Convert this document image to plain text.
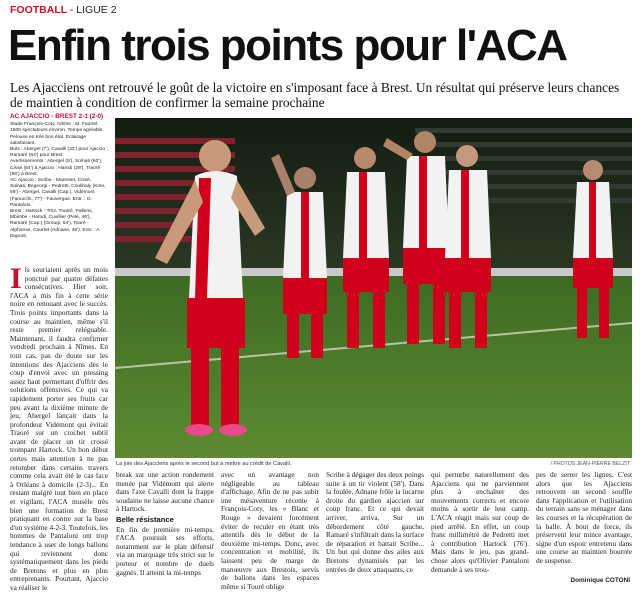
FOOTBALL - LIGUE 2
Enfin trois points pour l'ACA

Les Ajacciens ont retrouvé le goût de la victoire en s'imposant face à Brest. Un résultat qui préserve leurs chances de maintien à condition de confirmer la semaine prochaine

AC AJACCIO - BREST 2-1 (2-0)
Stade François-Coty. Arbitre : M. Fautrel. 1500 spectateurs environ. Temps agréable. Pelouse en très bon état. Éclairage satisfaisant.
Buts : Abergel (7'), Cavalli (32') pour Ajaccio ; Ramaré (64') pour Brest.
Avertissements : Abergel (5'), Solnati (60'), Cissé (64') à Ajaccio ; Hamdi (29'), Traoré (86') à Brest.
AC Ajaccio : Scribe - Marester, Cissé, Sainati, Begeorgi - Pedretti, Coulibaly (Kine, 59') - Abergel, Cavalli (Cap.), Vidémont (Fanucchi, 77') - Fauvergue. Entr. : O. Pantaloni.
Brest : Hartock - Tritz, Traoré, Pallemi, Mbimbe - Hamdi, Cuvillier (Pelé, 46'), Ramaré (Cap.) (Grougi, 64'), Touré - Alphonse, Courtet (Adnane, 46'). Entr. : A Dupont.
La joie des Ajacciens après le second but à mettre au crédit de Cavalli.	/ PHOTOS JEAN-PIERRE BELZIT
Ils souriaient après un mois ponctué par quatre défaites consécutives. Hier soir, l'ACA a mis fin à cette série noire en renouant avec le succès. Trois points importants dans la course au maintien, même s'il reste premier reléguable. Maintenant, il faudra confirmer vendredi prochain à Nîmes. En tout cas, pas de doute sur les intentions des Ajacciens dès le coup d'envoi avec un pressing assez haut permettant d'offrir des solutions offensives. Ce qui va rapidement porter ses fruits car peu avant la dixième minute de jeu, Abergel lançait dans la profondeur Vidémont qui évitait Traoré sur un crochet subtil avant de placer un tir croisé trompant Hartock. Un bon début certes mais attention à ne pas retomber dans certains travers comme cela avait été le cas face à Orléans à domicile (2-3)... En restant malgré tout bien en place et vigilant, l'ACA musèle très bien une formation de Brest pratiquant en contre sur la base d'un système 4-2-3. Toutefois, les hommes de Pantaloni ont trop tendance à user de longs ballons qui reviennent donc systématiquement dans les pieds de Bretons et plus en plus entreprenants. Pourtant, Ajaccio va réaliser le

break sur une action rondement menée par Vidémont qui alerte dans l'axe Cavalli dont la frappe soudaine ne laisse aucune chance à Hartock.

Belle résistance

En fin de première mi-temps, l'ACA poursuit ses efforts, notamment sur le plan défensif via un marquage très strict sur le porteur et nombre de duels gagnés. Il atteint la mi-temps

avec un avantage non négligeable au tableau d'affichage. Afin de ne pas subir une mésaventure récente à François-Coty, les « Blanc et Rouge » devaient forcément éviter de reculer en étant très attentifs dès le début de la deuxième mi-temps. Donc, avec concentration et mobilité, ils laissent peu de marge de manœuvre aux Brestois, servis de ballons dans les espaces même si Touré oblige

Scribe à dégager des deux poings suite à un tir violent (58'). Dans la foulée, Adnane frôle la lucarne droite du gardien ajaccien sur coup franc. Et ce qui devait arriver, arriva. Sur un débordement côté gauche, Ramaré s'infiltrait dans la surface de réparation et battait Scribe... Un but qui donne des ailes aux Bretons dynamisés par les entrées de deux attaquants, ce

qui perturbe naturellement des Ajacciens qui ne parviennent plus à enchaîner des mouvements corrects et encore moins à sortir de leur camp. L'ACA réagit mais sur coup de pied arrêté. En effet, un coup franc millimétré de Pedretti met à contribution Hartock (76'). Mais dans le jeu, pas grand-chose alors qu'Olivier Pantaloni demande à ses trou-

pes de serrer les lignes. C'est alors que les Ajacciens retrouvent un second souffle dans l'application et l'utilisation du terrain sans se ménager dans les courses et la récupération de la balle. À bout de force, ils préservent leur mince avantage, signe d'un espoir entretenu dans une course au maintien bourrée de suspense.

Dominique COTONI
